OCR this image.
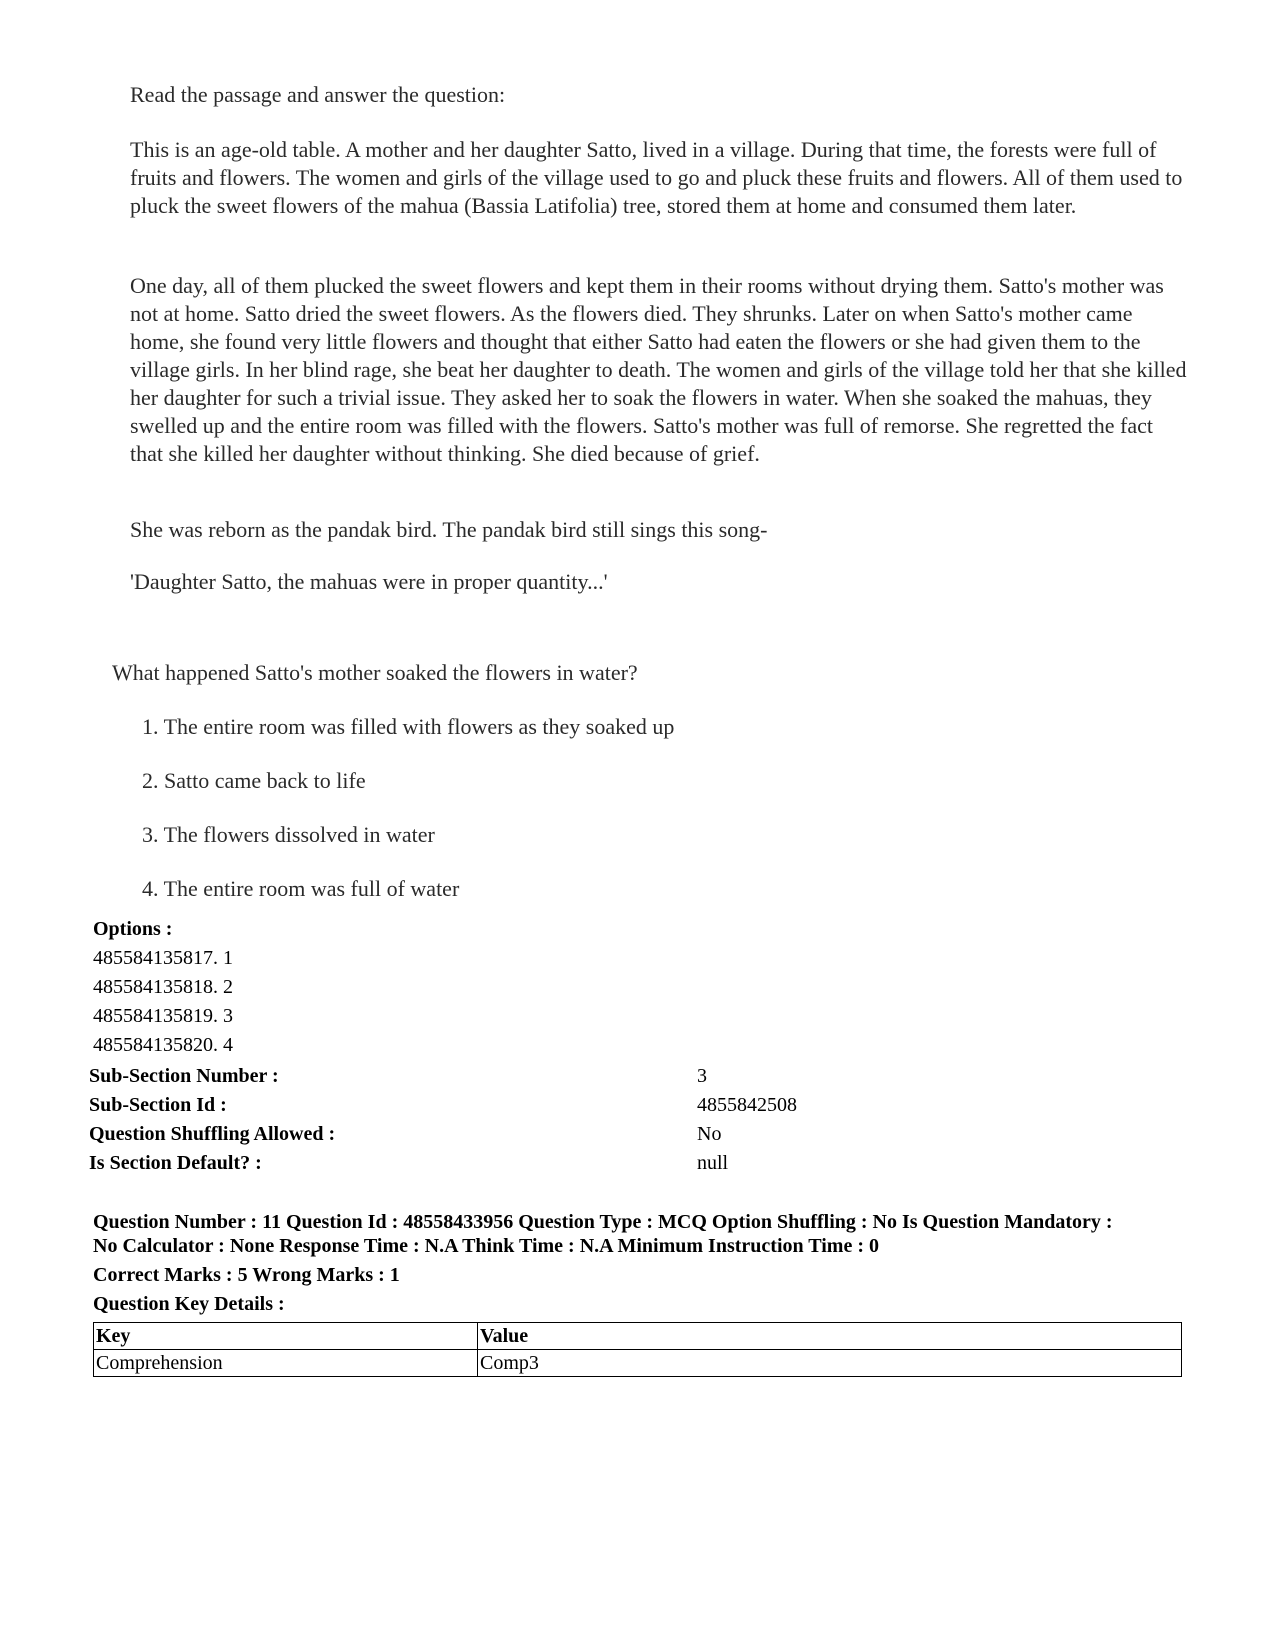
Read the passage and answer the question:

This is an age-old table. A mother and her daughter Satto, lived in a village. During that time, the forests were full of fruits and flowers. The women and girls of the village used to go and pluck these fruits and flowers. All of them used to pluck the sweet flowers of the mahua (Bassia Latifolia) tree, stored them at home and consumed them later.

One day, all of them plucked the sweet flowers and kept them in their rooms without drying them. Satto's mother was not at home. Satto dried the sweet flowers. As the flowers died. They shrunks. Later on when Satto's mother came home, she found very little flowers and thought that either Satto had eaten the flowers or she had given them to the village girls. In her blind rage, she beat her daughter to death. The women and girls of the village told her that she killed her daughter for such a trivial issue. They asked her to soak the flowers in water. When she soaked the mahuas, they swelled up and the entire room was filled with the flowers. Satto's mother was full of remorse. She regretted the fact that she killed her daughter without thinking. She died because of grief.

She was reborn as the pandak bird. The pandak bird still sings this song-

'Daughter Satto, the mahuas were in proper quantity...'

What happened Satto's mother soaked the flowers in water?

1. The entire room was filled with flowers as they soaked up

2. Satto came back to life

3. The flowers dissolved in water

4. The entire room was full of water

Options :

485584135817. 1

485584135818. 2

485584135819. 3

485584135820. 4

Sub-Section Number :	3

Sub-Section Id :	4855842508

Question Shuffling Allowed :	No

Is Section Default? :	null

Question Number : 11 Question Id : 48558433956 Question Type : MCQ Option Shuffling : No Is Question Mandatory :

No Calculator : None Response Time : N.A Think Time : N.A Minimum Instruction Time : 0

Correct Marks : 5 Wrong Marks : 1

Question Key Details :

Key	Value
Comprehension	Comp3
